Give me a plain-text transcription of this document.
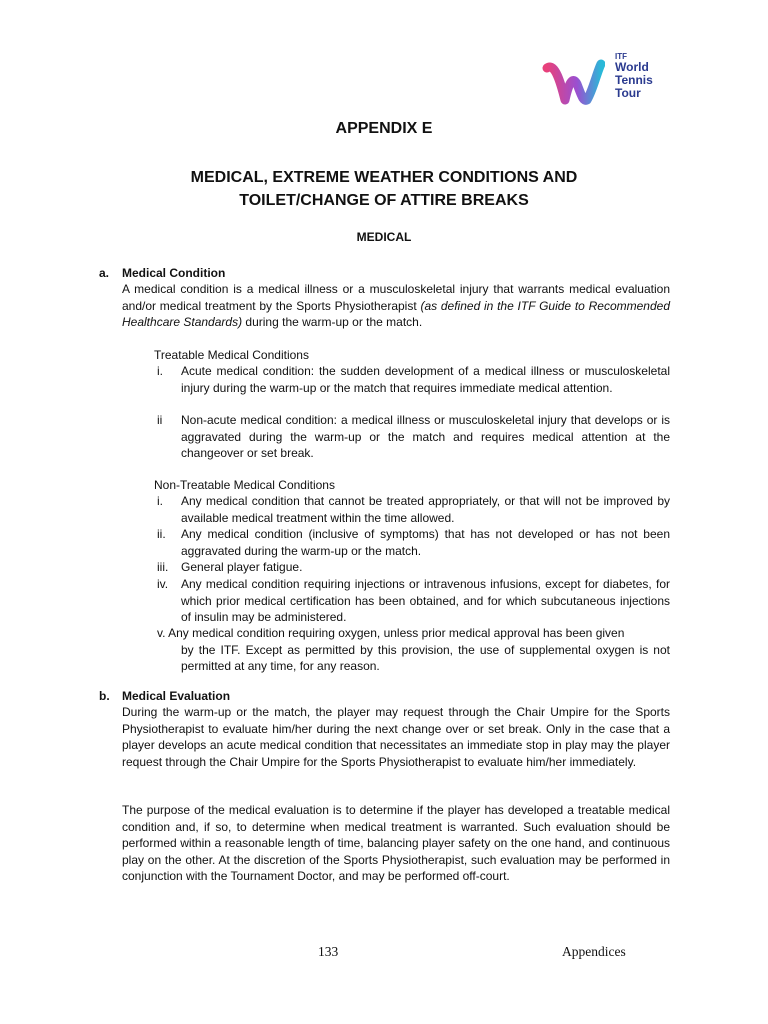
ITF
World
Tennis
Tour
APPENDIX E
MEDICAL, EXTREME WEATHER CONDITIONS AND
TOILET/CHANGE OF ATTIRE BREAKS
MEDICAL
a. Medical Condition
A medical condition is a medical illness or a musculoskeletal injury that warrants medical evaluation and/or medical treatment by the Sports Physiotherapist (as defined in the ITF Guide to Recommended Healthcare Standards) during the warm-up or the match.
Treatable Medical Conditions
i. Acute medical condition: the sudden development of a medical illness or musculoskeletal injury during the warm-up or the match that requires immediate medical attention.
ii Non-acute medical condition: a medical illness or musculoskeletal injury that develops or is aggravated during the warm-up or the match and requires medical attention at the changeover or set break.
Non-Treatable Medical Conditions
i. Any medical condition that cannot be treated appropriately, or that will not be improved by available medical treatment within the time allowed.
ii. Any medical condition (inclusive of symptoms) that has not developed or has not been aggravated during the warm-up or the match.
iii. General player fatigue.
iv. Any medical condition requiring injections or intravenous infusions, except for diabetes, for which prior medical certification has been obtained, and for which subcutaneous injections of insulin may be administered.
v. Any medical condition requiring oxygen, unless prior medical approval has been given
by the ITF. Except as permitted by this provision, the use of supplemental oxygen is not permitted at any time, for any reason.
b. Medical Evaluation
During the warm-up or the match, the player may request through the Chair Umpire for the Sports Physiotherapist to evaluate him/her during the next change over or set break. Only in the case that a player develops an acute medical condition that necessitates an immediate stop in play may the player request through the Chair Umpire for the Sports Physiotherapist to evaluate him/her immediately.
The purpose of the medical evaluation is to determine if the player has developed a treatable medical condition and, if so, to determine when medical treatment is warranted. Such evaluation should be performed within a reasonable length of time, balancing player safety on the one hand, and continuous play on the other. At the discretion of the Sports Physiotherapist, such evaluation may be performed in conjunction with the Tournament Doctor, and may be performed off-court.
133	Appendices
